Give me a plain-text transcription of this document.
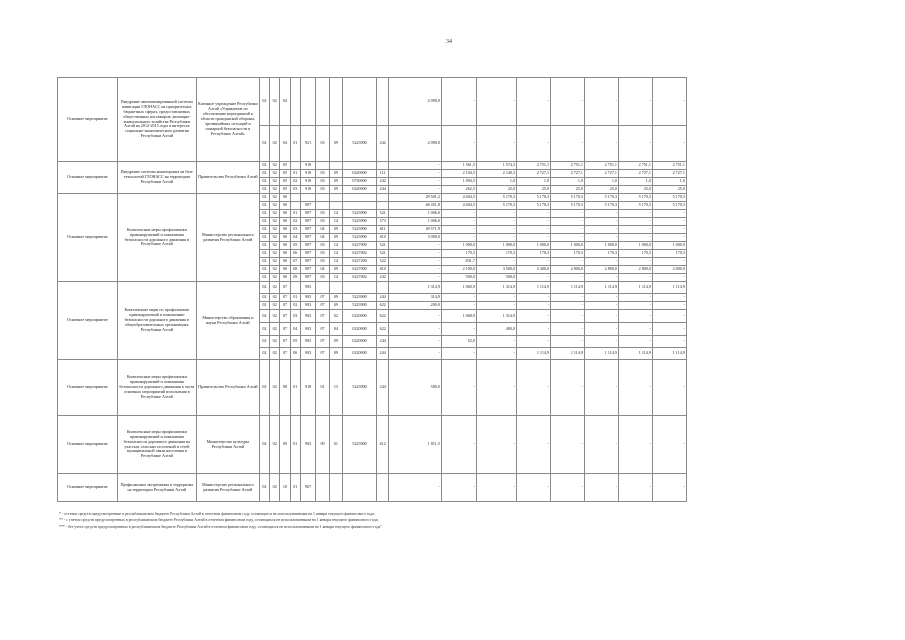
34
Основное мероприятие	Внедрение автоматизированной системы навигации ГЛОНАСС на приоритетных бюджетных сферах, предоставляемых общественных пассажиров, жилищно-коммунального хозяйства Республики Алтай на 2012-2015 годы в интересах социально-экономического развития Республики Алтай	Казенное учреждение Республики Алтай «Управление по обеспечению мероприятий в области гражданской обороны, чрезвычайных ситуаций и пожарной безопасности в Республике Алтай»	02	02	04							2 090,0	-	-	-	-	-	-	-
			02	02	04	01	921	03	09	5223900	242	2 090,0	-	-	-	-	-	-	-
Основное мероприятие	Внедрение системы мониторинга на базе технологий ГЛОНАСС на территории Республики Алтай	Правительство Республики Алтай	02	02	05		918					-	1 561,5	1 574,3	2 751,1	2 751,1	2 751,1	2 751,1	2 751,1
			02	02	05	01	918	03	09	0220000	111	-	2 104,5	2 140,3	2 727,1	2 727,1	2 727,1	2 727,1	2 727,1
			02	02	05	02	918	03	09	0730000	242	-	1 094,5	1,0	1,0	1,0	1,0	1,0	1,0
			02	02	05	03	918	03	09	0220000	244	-	262,5	25,0	25,0	25,0	25,0	25,0	25,0
Основное мероприятие	Комплексные меры профилактики правонарушений и повышения безопасности дорожного движения в Республике Алтай	Министерство регионального развития Республики Алтай	02	02	06							29 501,2	4 604,5	5 170,3	5 170,3	5 170,3	5 170,3	5 170,3	5 170,3
			02	02	06		907					66 451,8	4 604,5	5 170,3	5 170,3	5 170,3	5 170,3	5 170,3	5 170,3
			02	02	06	01	907	03	14	5223900	521	1 006,0	-	-	-	-	-	-	-
			02	02	06	02	907	03	14	5223900	573	1 006,0	-	-	-	-	-	-	-
			02	02	06	03	907	04	09	5223900	611	49 571,9	-	-	-	-	-	-	-
			02	02	06	04	907	04	09	5223900	810	3 000,0	-	-	-	-	-	-	-
			02	02	06	05	907	03	14	0227900	521	-	1 000,0	1 000,0	1 000,0	1 000,0	1 000,0	1 000,0	1 000,0
			02	02	06	06	907	03	14	0227002	521	-	170,3	170,3	170,3	170,3	170,3	170,3	170,3
			02	02	06	07	907	03	14	0227200	522	-	831,7	-	-	-	-	-	-
			02	02	06	08	907	04	09	0227000	810	-	2 100,0	3 500,0	3 400,0	2 800,0	2 800,0	2 800,0	2 800,0
			02	02	06	09	907	03	14	0227002	242	-	500,0	500,0	-	-	-	-	-
Основное мероприятие	Комплексные меры по профилактике правонарушений и повышению безопасности дорожного движения в общеобразовательных организациях Республики Алтай	Министерство образования и науки Республики Алтай	02	02	07		903					1 314,9	1 060,9	1 314,9	1 114,9	1 114,9	1 114,9	1 114,9	1 114,9
			02	02	07	01	903	07	09	5223900	244	314,9	-	-	-	-	-	-	-
			02	02	07	02	903	07	09	5223900	622	200,0	-	-	-	-	-	-	-
			02	02	07	03	903	07	02	0220000	622	-	1 068,9	1 314,9	-	-	-	-	-
			02	02	07	04	903	07	04	0220000	622	-	-	400,0	-	-	-	-	-
			02	02	07	05	903	07	09	0220000	244	-	52,0	-	-	-	-	-	-
			02	02	07	06	903	07	09	0220000	244	-	-	-	1 114,9	1 114,9	1 114,9	1 114,9	1 114,9
Основное мероприятие	Комплексные меры профилактики правонарушений и повышения безопасности дорожного движения в части основных мероприятий исполнения в Республике Алтай	Правительство Республики Алтай	02	02	08	01	918	01	13	5223900	244	500,0	-	-	-	-	-	-	-
Основное мероприятие	Комплексные меры профилактики правонарушений и повышения безопасности дорожного движения на участках сельских поселений и сетей муниципальной связи населения в Республике Алтай	Министерство культуры Республики Алтай	02	02	09	01	903	09	01	5223900	612	1 811,5	-	-	-	-	-	-	-
Основное мероприятие	Профилактика экстремизма и терроризма на территории Республики Алтай	Министерство регионального развития Республики Алтай	02	02	10	01	967					-	-	-	-	-	-	-	-
* - остатки средств предусмотренные в республиканском бюджете Республики Алтай в отчетном финансовом году, остающиеся не использованными на 1 января текущего финансового года;
** - с учетом средств предусмотренных в республиканском бюджете Республики Алтай в отчетном финансовом году, остающихся не использованными на 1 января текущего финансового года;
*** - без учета средств предусмотренных в республиканском бюджете Республики Алтай в отчетном финансовом году, остающихся не использованными на 1 января текущего финансового года".
